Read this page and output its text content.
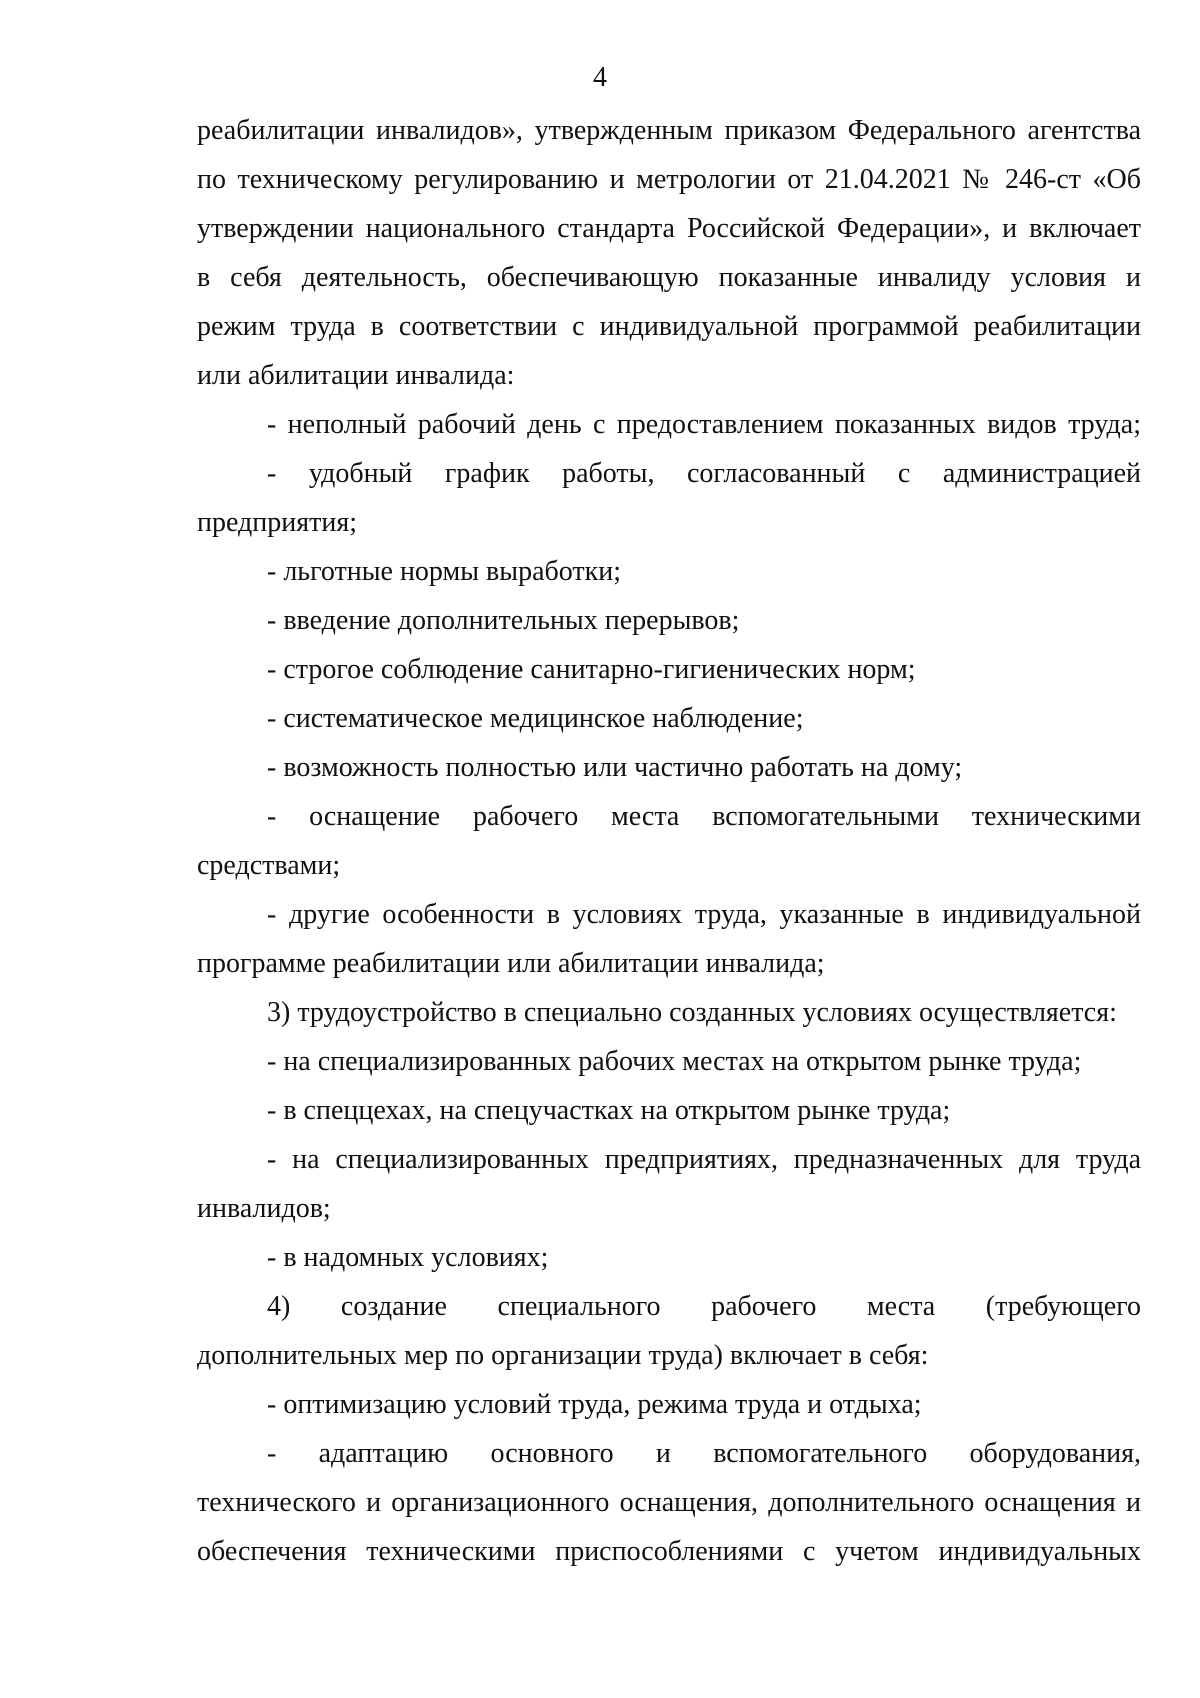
4
реабилитации инвалидов», утвержденным приказом Федерального агентства
по техническому регулированию и метрологии от 21.04.2021 № 246-ст «Об
утверждении национального стандарта Российской Федерации», и включает
в себя деятельность, обеспечивающую показанные инвалиду условия и
режим труда в соответствии с индивидуальной программой реабилитации
или абилитации инвалида:
- неполный рабочий день с предоставлением показанных видов труда;
- удобный график работы, согласованный с администрацией
предприятия;
- льготные нормы выработки;
- введение дополнительных перерывов;
- строгое соблюдение санитарно-гигиенических норм;
- систематическое медицинское наблюдение;
- возможность полностью или частично работать на дому;
- оснащение рабочего места вспомогательными техническими
средствами;
- другие особенности в условиях труда, указанные в индивидуальной
программе реабилитации или абилитации инвалида;
3) трудоустройство в специально созданных условиях осуществляется:
- на специализированных рабочих местах на открытом рынке труда;
- в спеццехах, на спецучастках на открытом рынке труда;
- на специализированных предприятиях, предназначенных для труда
инвалидов;
- в надомных условиях;
4) создание специального рабочего места (требующего
дополнительных мер по организации труда) включает в себя:
- оптимизацию условий труда, режима труда и отдыха;
- адаптацию основного и вспомогательного оборудования,
технического и организационного оснащения, дополнительного оснащения и
обеспечения техническими приспособлениями с учетом индивидуальных
